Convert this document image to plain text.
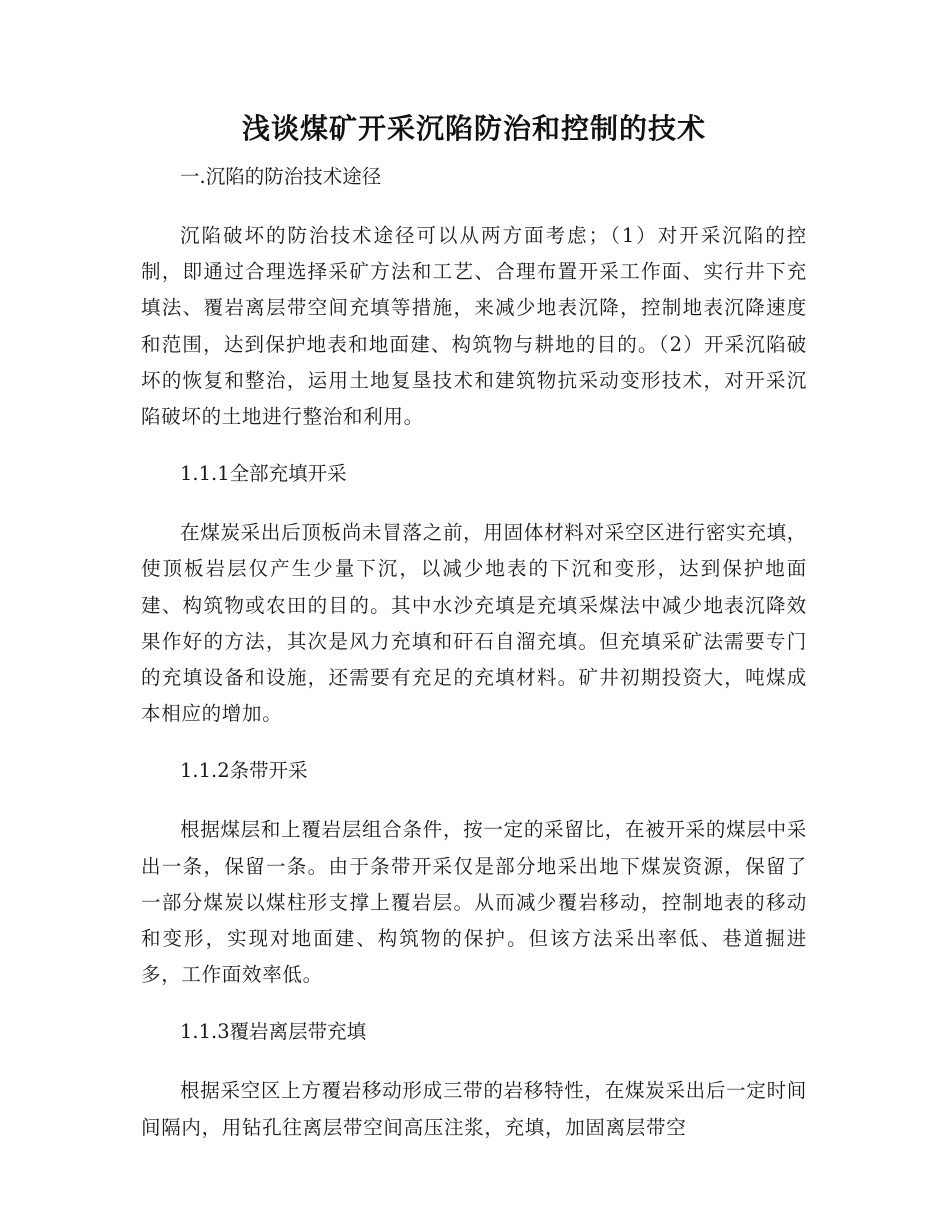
浅谈煤矿开采沉陷防治和控制的技术

一.沉陷的防治技术途径

沉陷破坏的防治技术途径可以从两方面考虑；（1）对开采沉陷的控制，即通过合理选择采矿方法和工艺、合理布置开采工作面、实行井下充填法、覆岩离层带空间充填等措施，来减少地表沉降，控制地表沉降速度和范围，达到保护地表和地面建、构筑物与耕地的目的。（2）开采沉陷破坏的恢复和整治，运用土地复垦技术和建筑物抗采动变形技术，对开采沉陷破坏的土地进行整治和利用。

1.1.1全部充填开采

在煤炭采出后顶板尚未冒落之前，用固体材料对采空区进行密实充填，使顶板岩层仅产生少量下沉，以减少地表的下沉和变形，达到保护地面建、构筑物或农田的目的。其中水沙充填是充填采煤法中减少地表沉降效果作好的方法，其次是风力充填和矸石自溜充填。但充填采矿法需要专门的充填设备和设施，还需要有充足的充填材料。矿井初期投资大，吨煤成本相应的增加。

1.1.2条带开采

根据煤层和上覆岩层组合条件，按一定的采留比，在被开采的煤层中采出一条，保留一条。由于条带开采仅是部分地采出地下煤炭资源，保留了一部分煤炭以煤柱形支撑上覆岩层。从而减少覆岩移动，控制地表的移动和变形，实现对地面建、构筑物的保护。但该方法采出率低、巷道掘进多，工作面效率低。

1.1.3覆岩离层带充填

根据采空区上方覆岩移动形成三带的岩移特性，在煤炭采出后一定时间间隔内，用钻孔往离层带空间高压注浆，充填，加固离层带空
